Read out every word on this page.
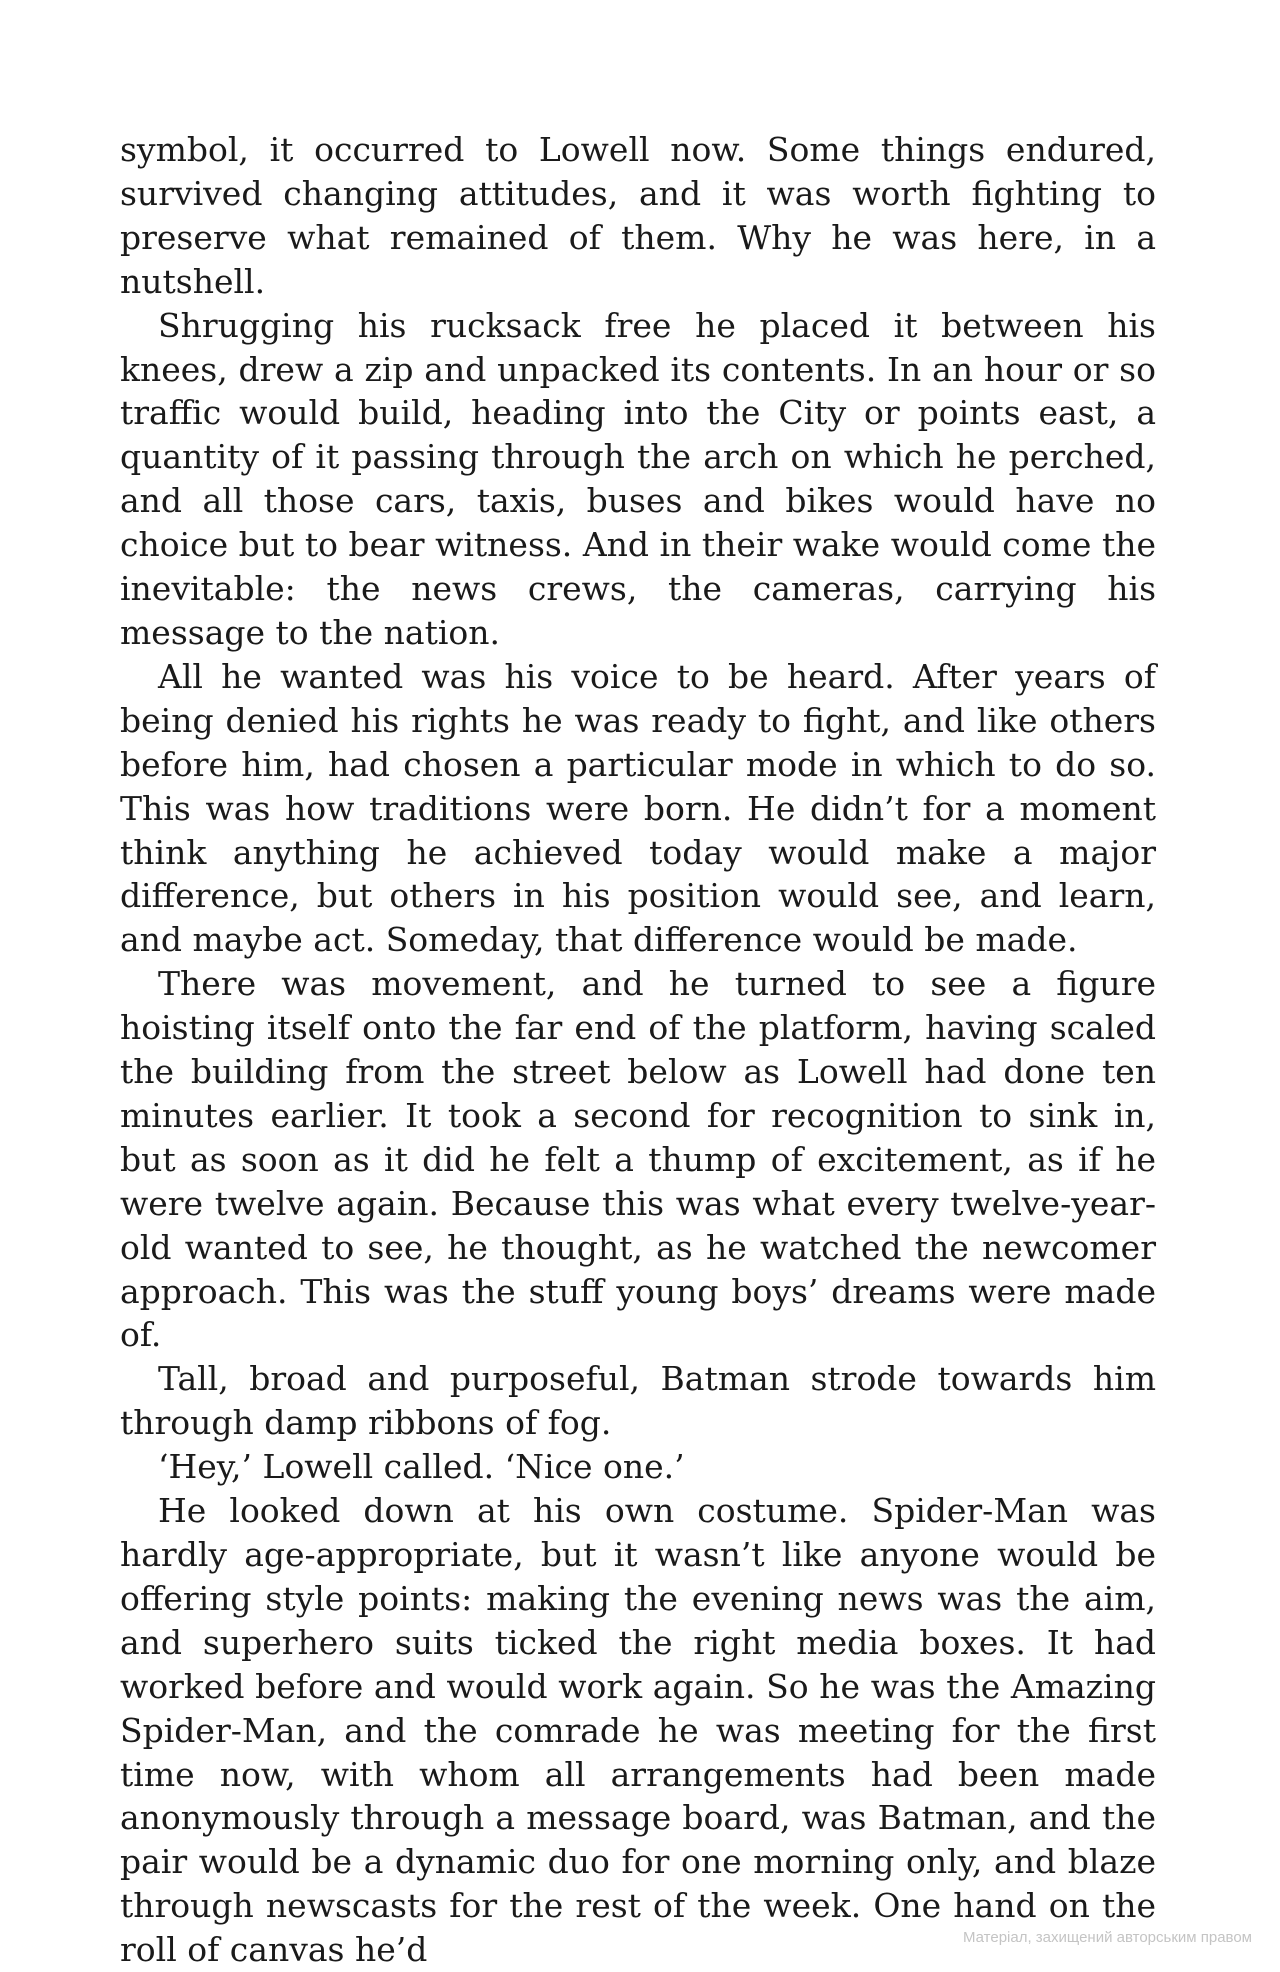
symbol, it occurred to Lowell now. Some things endured, survived changing attitudes, and it was worth fighting to preserve what remained of them. Why he was here, in a nutshell.

Shrugging his rucksack free he placed it between his knees, drew a zip and unpacked its contents. In an hour or so traffic would build, heading into the City or points east, a quantity of it passing through the arch on which he perched, and all those cars, taxis, buses and bikes would have no choice but to bear witness. And in their wake would come the inevitable: the news crews, the cameras, carrying his message to the nation.

All he wanted was his voice to be heard. After years of being denied his rights he was ready to fight, and like others before him, had chosen a particular mode in which to do so. This was how traditions were born. He didn’t for a moment think anything he achieved today would make a major difference, but others in his position would see, and learn, and maybe act. Someday, that difference would be made.

There was movement, and he turned to see a figure hoisting itself onto the far end of the platform, having scaled the building from the street below as Lowell had done ten minutes earlier. It took a second for recognition to sink in, but as soon as it did he felt a thump of excitement, as if he were twelve again. Because this was what every twelve-year-old wanted to see, he thought, as he watched the newcomer approach. This was the stuff young boys’ dreams were made of.

Tall, broad and purposeful, Batman strode towards him through damp ribbons of fog.

‘Hey,’ Lowell called. ‘Nice one.’

He looked down at his own costume. Spider-Man was hardly age-appropriate, but it wasn’t like anyone would be offering style points: making the evening news was the aim, and superhero suits ticked the right media boxes. It had worked before and would work again. So he was the Amazing Spider-Man, and the comrade he was meeting for the first time now, with whom all arrangements had been made anonymously through a message board, was Batman, and the pair would be a dynamic duo for one morning only, and blaze through newscasts for the rest of the week. One hand on the roll of canvas he’d	Матеріал, захищений авторським правом
